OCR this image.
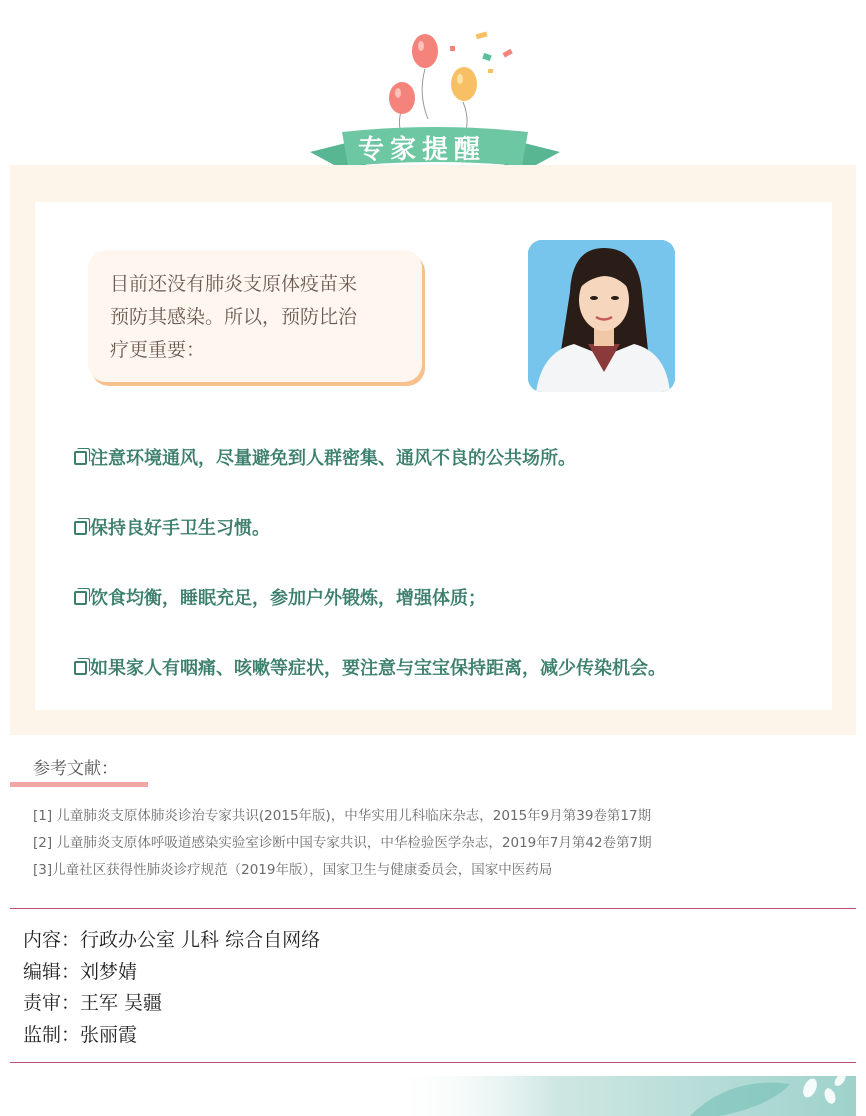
专家提醒
目前还没有肺炎支原体疫苗来
预防其感染。所以，预防比治
疗更重要：
注意环境通风，尽量避免到人群密集、通风不良的公共场所。
保持良好手卫生习惯。
饮食均衡，睡眠充足，参加户外锻炼，增强体质；
如果家人有咽痛、咳嗽等症状，要注意与宝宝保持距离，减少传染机会。
参考文献：
[1] 儿童肺炎支原体肺炎诊治专家共识(2015年版)，中华实用儿科临床杂志，2015年9月第39卷第17期
[2] 儿童肺炎支原体呼吸道感染实验室诊断中国专家共识，中华检验医学杂志，2019年7月第42卷第7期
[3]儿童社区获得性肺炎诊疗规范（2019年版），国家卫生与健康委员会，国家中医药局
内容：行政办公室 儿科 综合自网络
编辑：刘梦婧
责审：王军 吴疆
监制：张丽霞
